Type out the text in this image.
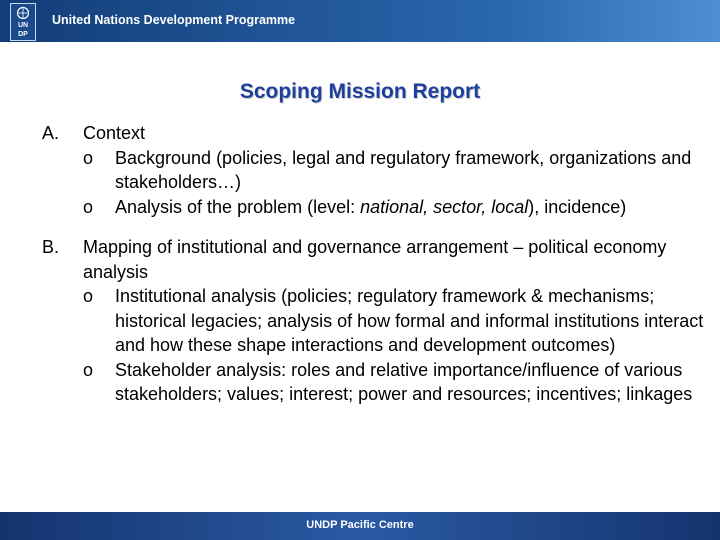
UN
DP
United Nations Development Programme
Scoping Mission Report
A. Context
o Background (policies, legal and regulatory framework, organizations and stakeholders…)
o Analysis of the problem (level: national, sector, local), incidence)
B. Mapping of institutional and governance arrangement – political economy analysis
o Institutional analysis (policies; regulatory framework & mechanisms; historical legacies; analysis of how formal and informal institutions interact and how these shape interactions and development outcomes)
o Stakeholder analysis: roles and relative importance/influence of various stakeholders; values; interest; power and resources; incentives; linkages
UNDP Pacific Centre
